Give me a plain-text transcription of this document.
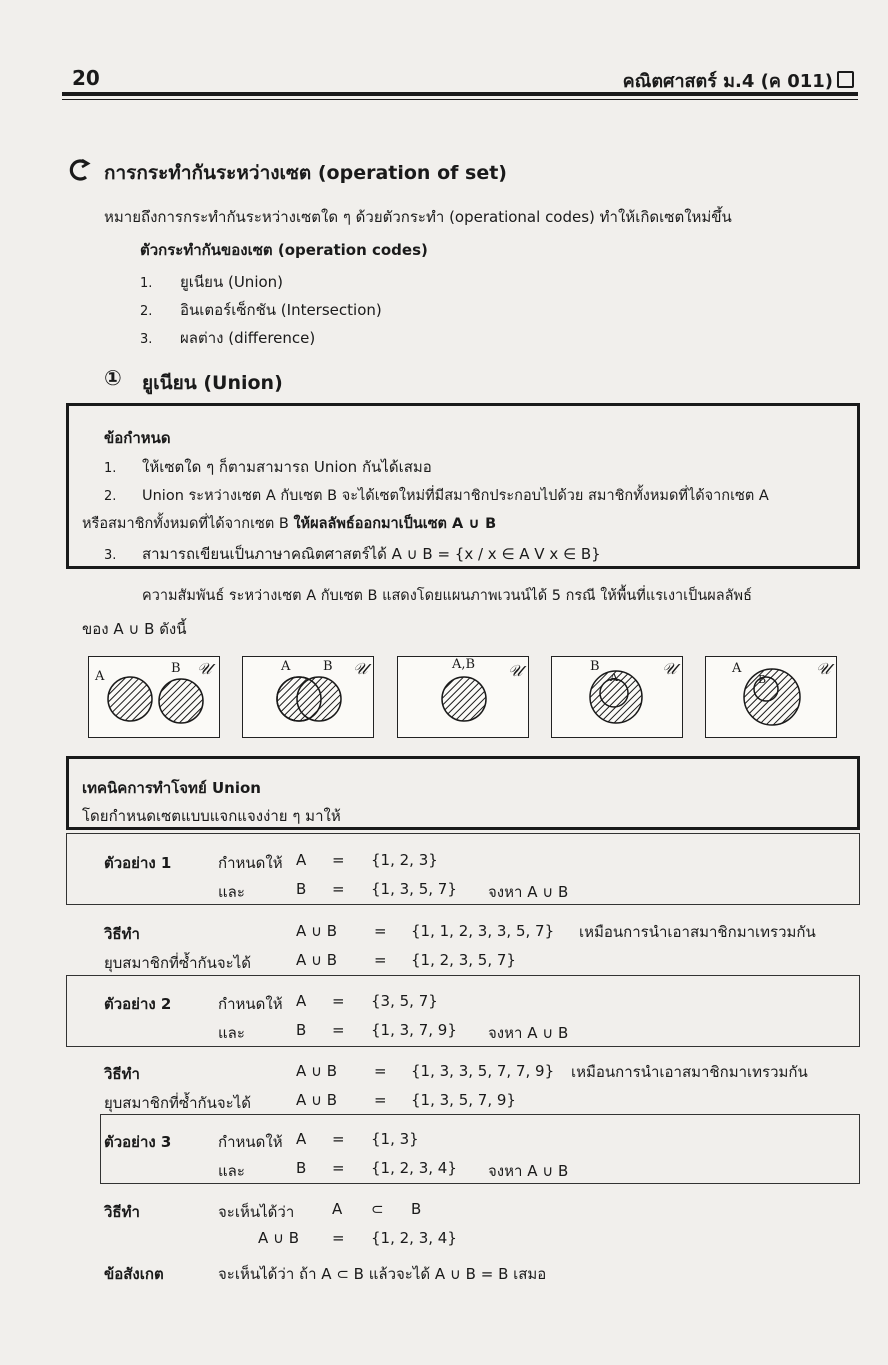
20	คณิตศาสตร์ ม.4 (ค 011)
การกระทำกันระหว่างเซต (operation of set)
หมายถึงการกระทำกันระหว่างเซตใด ๆ ด้วยตัวกระทำ (operational codes) ทำให้เกิดเซตใหม่ขึ้น
ตัวกระทำกันของเซต (operation codes)
1. ยูเนียน (Union)
2. อินเตอร์เซ็กชัน (Intersection)
3. ผลต่าง (difference)
① ยูเนียน (Union)
ข้อกำหนด
1. ให้เซตใด ๆ ก็ตามสามารถ Union กันได้เสมอ
2. Union ระหว่างเซต A กับเซต B จะได้เซตใหม่ที่มีสมาชิกประกอบไปด้วย สมาชิกทั้งหมดที่ได้จากเซต A
หรือสมาชิกทั้งหมดที่ได้จากเซต B ให้ผลลัพธ์ออกมาเป็นเซต A ∪ B
3. สามารถเขียนเป็นภาษาคณิตศาสตร์ได้ A ∪ B = {x / x ∈ A V x ∈ B}
ความสัมพันธ์ ระหว่างเซต A กับเซต B แสดงโดยแผนภาพเวนน์ได้ 5 กรณี ให้พื้นที่แรเงาเป็นผลลัพธ์
ของ A ∪ B ดังนี้
A
B 𝒰	A	B 𝒰	A,B 𝒰	B
A	𝒰	A
B
𝒰
เทคนิคการทำโจทย์ Union
โดยกำหนดเซตแบบแจกแจงง่าย ๆ มาให้
ตัวอย่าง 1	กำหนดให้ A = {1, 2, 3}
และ	B = {1, 3, 5, 7} จงหา A ∪ B
วิธีทำ	A ∪ B = {1, 1, 2, 3, 3, 5, 7} เหมือนการนำเอาสมาชิกมาเทรวมกัน
ยุบสมาชิกที่ซ้ำกันจะได้	A ∪ B = {1, 2, 3, 5, 7}
ตัวอย่าง 2	กำหนดให้ A = {3, 5, 7}
และ	B = {1, 3, 7, 9} จงหา A ∪ B
วิธีทำ	A ∪ B = {1, 3, 3, 5, 7, 7, 9} เหมือนการนำเอาสมาชิกมาเทรวมกัน
ยุบสมาชิกที่ซ้ำกันจะได้	A ∪ B = {1, 3, 5, 7, 9}
ตัวอย่าง 3	กำหนดให้ A = {1, 3}
และ	B = {1, 2, 3, 4} จงหา A ∪ B
วิธีทำ	จะเห็นได้ว่า	A ⊂ B
A ∪ B = {1, 2, 3, 4}
ข้อสังเกต	จะเห็นได้ว่า ถ้า A ⊂ B แล้วจะได้ A ∪ B = B เสมอ
